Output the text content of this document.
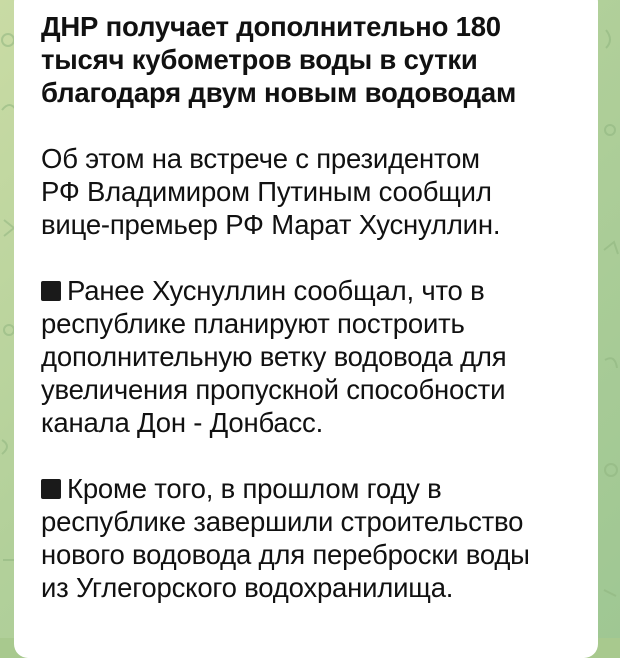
ДНР получает дополнительно 180
тысяч кубометров воды в сутки
благодаря двум новым водоводам

Об этом на встрече с президентом
РФ Владимиром Путиным сообщил
вице-премьер РФ Марат Хуснуллин.

Ранее Хуснуллин сообщал, что в
республике планируют построить
дополнительную ветку водовода для
увеличения пропускной способности
канала Дон - Донбасс.

Кроме того, в прошлом году в
республике завершили строительство
нового водовода для переброски воды
из Углегорского водохранилища.
